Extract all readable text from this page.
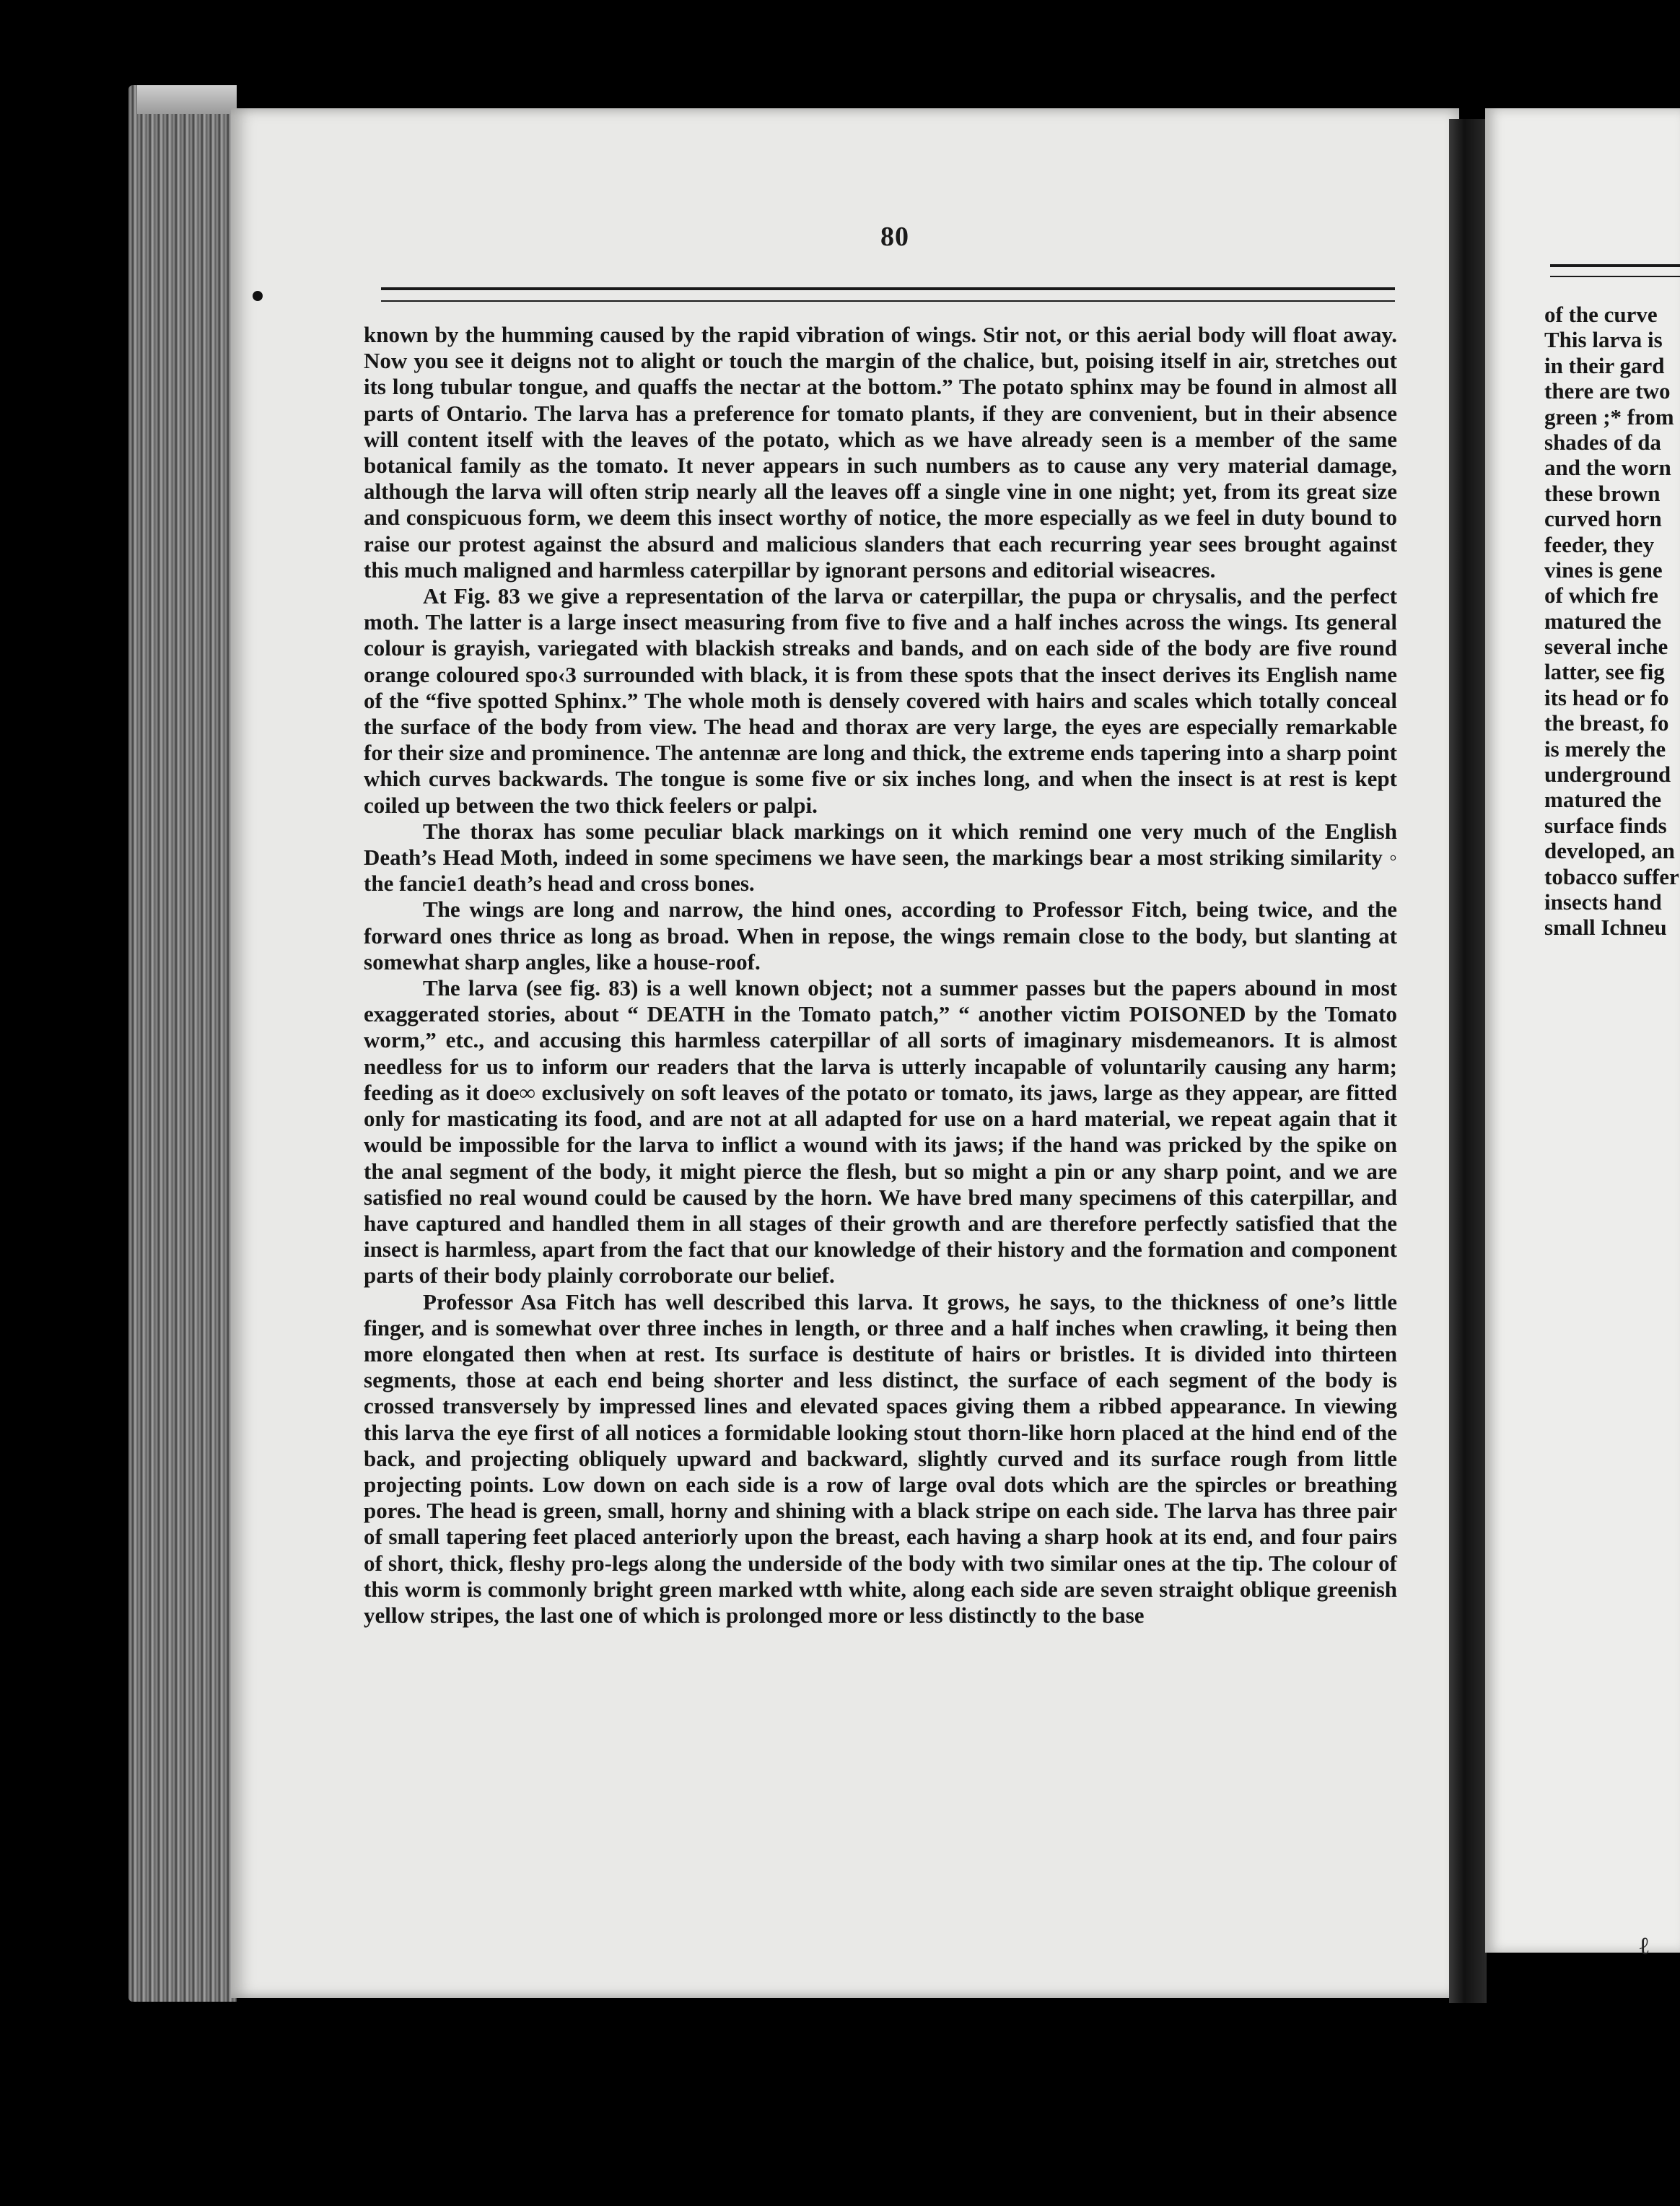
80

known by the humming caused by the rapid vibration of wings. Stir not, or this aerial body will float away. Now you see it deigns not to alight or touch the margin of the chalice, but, poising itself in air, stretches out its long tubular tongue, and quaffs the nectar at the bottom.” The potato sphinx may be found in almost all parts of Ontario. The larva has a preference for tomato plants, if they are convenient, but in their absence will content itself with the leaves of the potato, which as we have already seen is a member of the same botanical family as the tomato. It never appears in such numbers as to cause any very material damage, although the larva will often strip nearly all the leaves off a single vine in one night; yet, from its great size and conspicuous form, we deem this insect worthy of notice, the more especially as we feel in duty bound to raise our protest against the absurd and malicious slanders that each recurring year sees brought against this much maligned and harmless caterpillar by ignorant persons and editorial wiseacres.

At Fig. 83 we give a representation of the larva or caterpillar, the pupa or chrysalis, and the perfect moth. The latter is a large insect measuring from five to five and a half inches across the wings. Its general colour is grayish, variegated with blackish streaks and bands, and on each side of the body are five round orange coloured spo‹3 surrounded with black, it is from these spots that the insect derives its English name of the “five spotted Sphinx.” The whole moth is densely covered with hairs and scales which totally conceal the surface of the body from view. The head and thorax are very large, the eyes are especially remarkable for their size and prominence. The antennæ are long and thick, the extreme ends tapering into a sharp point which curves backwards. The tongue is some five or six inches long, and when the insect is at rest is kept coiled up between the two thick feelers or palpi.

The thorax has some peculiar black markings on it which remind one very much of the English Death’s Head Moth, indeed in some specimens we have seen, the markings bear a most striking similarity ◦ the fancie1 death’s head and cross bones.

The wings are long and narrow, the hind ones, according to Professor Fitch, being twice, and the forward ones thrice as long as broad. When in repose, the wings remain close to the body, but slanting at somewhat sharp angles, like a house-roof.

The larva (see fig. 83) is a well known object; not a summer passes but the papers abound in most exaggerated stories, about “ DEATH in the Tomato patch,” “ another victim POISONED by the Tomato worm,” etc., and accusing this harmless caterpillar of all sorts of imaginary misdemeanors. It is almost needless for us to inform our readers that the larva is utterly incapable of voluntarily causing any harm; feeding as it doe∞ exclusively on soft leaves of the potato or tomato, its jaws, large as they appear, are fitted only for masticating its food, and are not at all adapted for use on a hard material, we repeat again that it would be impossible for the larva to inflict a wound with its jaws; if the hand was pricked by the spike on the anal segment of the body, it might pierce the flesh, but so might a pin or any sharp point, and we are satisfied no real wound could be caused by the horn. We have bred many specimens of this caterpillar, and have captured and handled them in all stages of their growth and are therefore perfectly satisfied that the insect is harmless, apart from the fact that our knowledge of their history and the formation and component parts of their body plainly corroborate our belief.

Professor Asa Fitch has well described this larva. It grows, he says, to the thickness of one’s little finger, and is somewhat over three inches in length, or three and a half inches when crawling, it being then more elongated then when at rest. Its surface is destitute of hairs or bristles. It is divided into thirteen segments, those at each end being shorter and less distinct, the surface of each segment of the body is crossed transversely by impressed lines and elevated spaces giving them a ribbed appearance. In viewing this larva the eye first of all notices a formidable looking stout thorn-like horn placed at the hind end of the back, and projecting obliquely upward and backward, slightly curved and its surface rough from little projecting points. Low down on each side is a row of large oval dots which are the spircles or breathing pores. The head is green, small, horny and shining with a black stripe on each side. The larva has three pair of small tapering feet placed anteriorly upon the breast, each having a sharp hook at its end, and four pairs of short, thick, fleshy pro-legs along the underside of the body with two similar ones at the tip. The colour of this worm is commonly bright green marked wtth white, along each side are seven straight oblique greenish yellow stripes, the last one of which is prolonged more or less distinctly to the base

of the curve
This larva is
in their gard
there are two
green ;* from
shades of da
and the worn
these brown
curved horn
feeder, they
vines is gene
of which fre
matured the
several inche
latter, see fig
its head or fo
the breast, fo
is merely the
underground
matured the
surface finds
developed, an
tobacco suffer
insects hand
small Ichneu
ℓ
